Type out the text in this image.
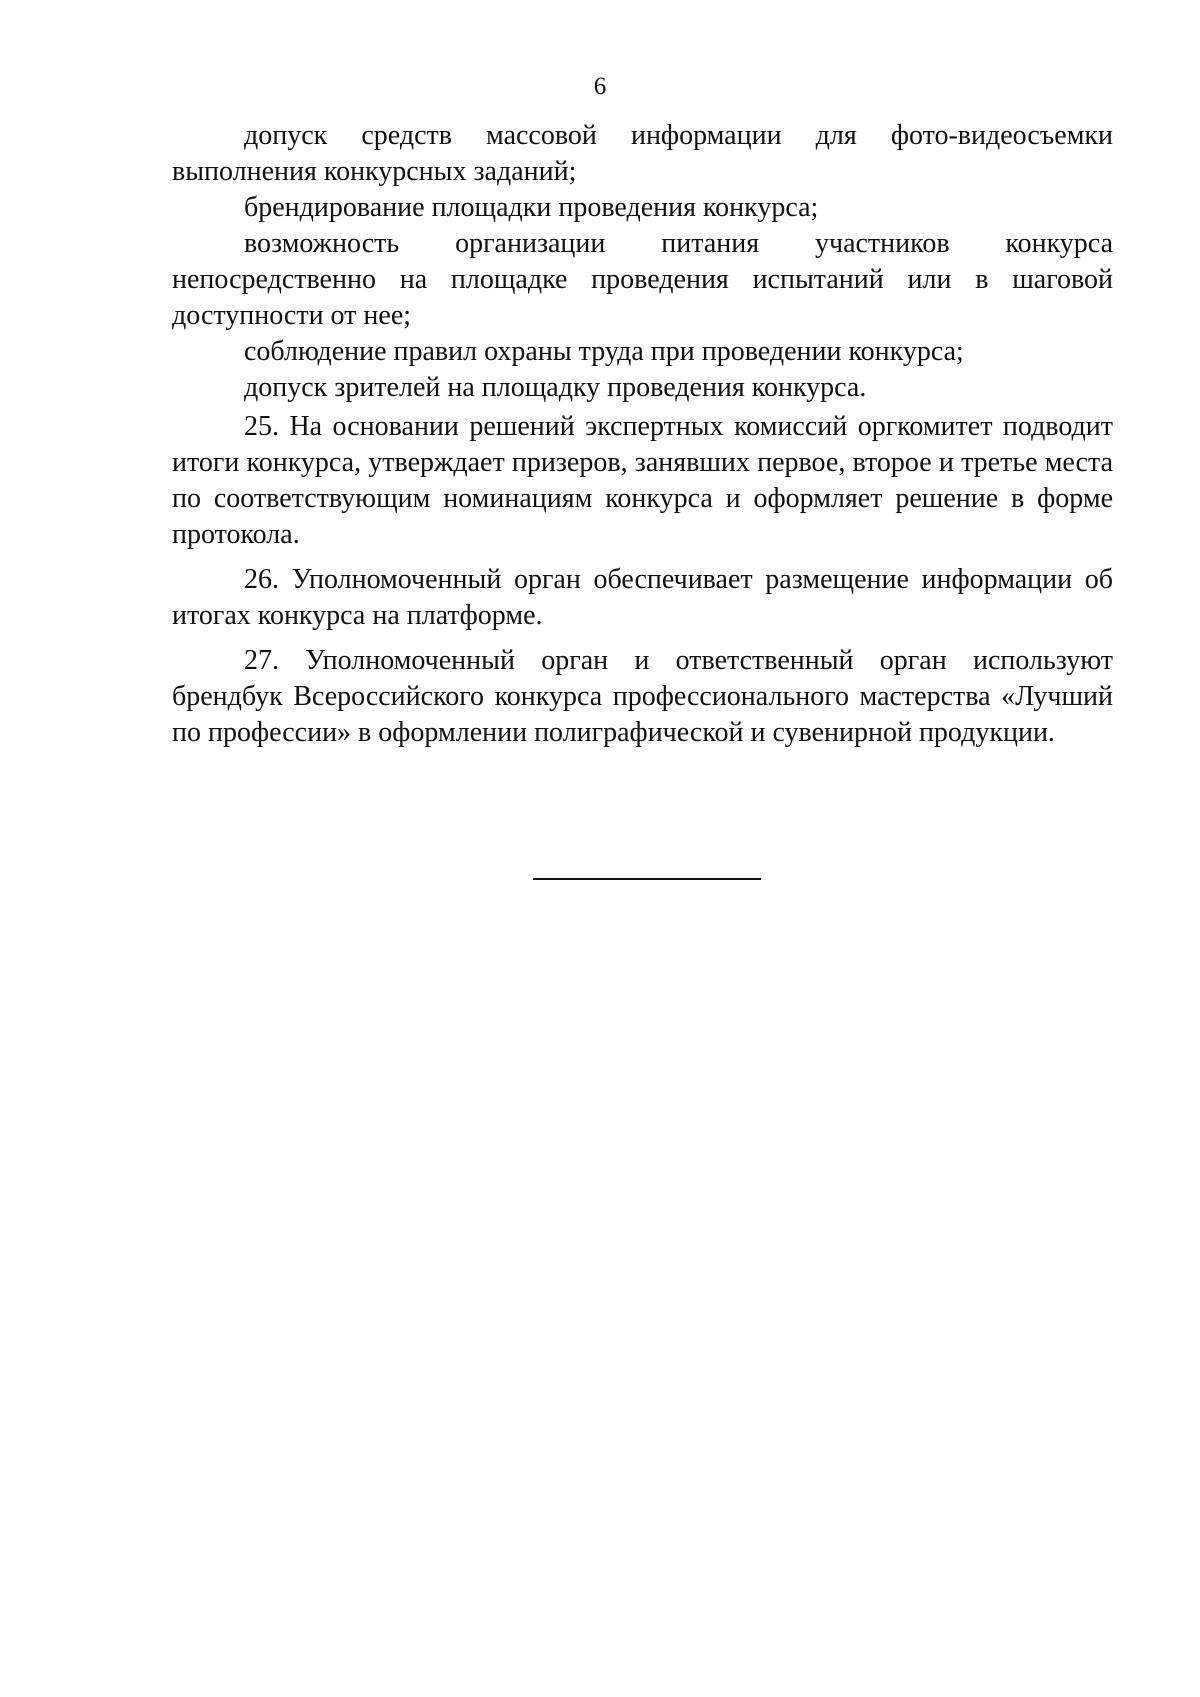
6

допуск средств массовой информации для фото-видеосъемки выполнения конкурсных заданий;

брендирование площадки проведения конкурса;

возможность организации питания участников конкурса непосредственно на площадке проведения испытаний или в шаговой доступности от нее;

соблюдение правил охраны труда при проведении конкурса;

допуск зрителей на площадку проведения конкурса.

25. На основании решений экспертных комиссий оргкомитет подводит итоги конкурса, утверждает призеров, занявших первое, второе и третье места по соответствующим номинациям конкурса и оформляет решение в форме протокола.

26. Уполномоченный орган обеспечивает размещение информации об итогах конкурса на платформе.

27. Уполномоченный орган и ответственный орган используют брендбук Всероссийского конкурса профессионального мастерства «Лучший по профессии» в оформлении полиграфической и сувенирной продукции.
